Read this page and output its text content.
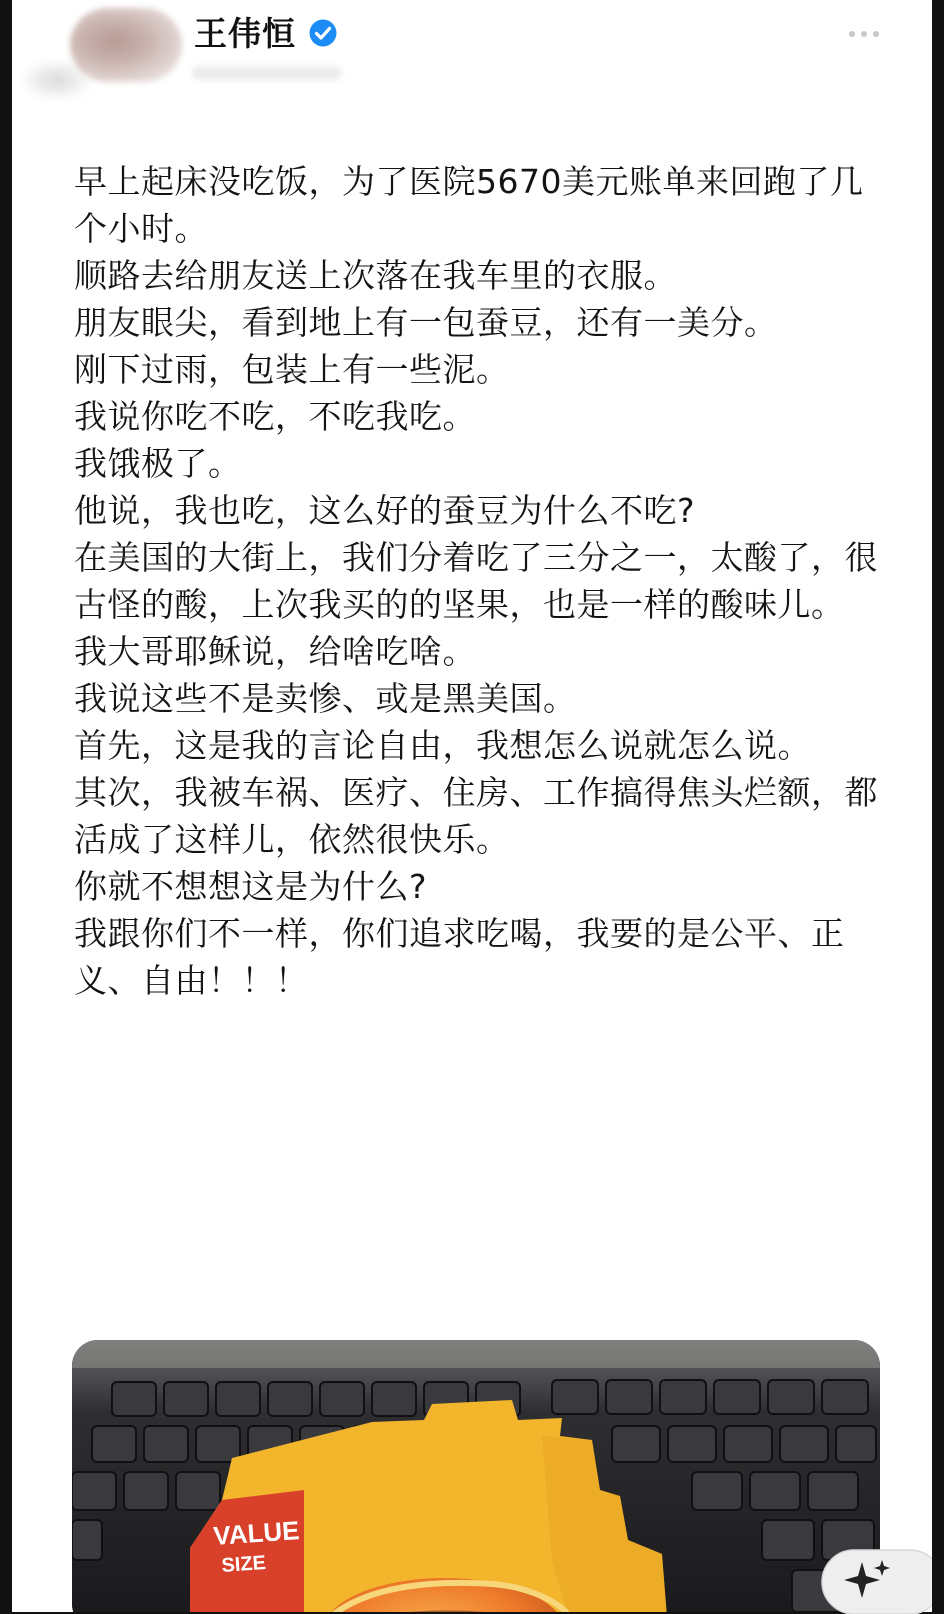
王伟恒

早上起床没吃饭，为了医院5670美元账单来回跑了几个小时。

顺路去给朋友送上次落在我车里的衣服。

朋友眼尖，看到地上有一包蚕豆，还有一美分。

刚下过雨，包装上有一些泥。

我说你吃不吃，不吃我吃。

我饿极了。

他说，我也吃，这么好的蚕豆为什么不吃?

在美国的大街上，我们分着吃了三分之一，太酸了，很古怪的酸，上次我买的的坚果，也是一样的酸味儿。

我大哥耶稣说，给啥吃啥。

我说这些不是卖惨、或是黑美国。

首先，这是我的言论自由，我想怎么说就怎么说。

其次，我被车祸、医疗、住房、工作搞得焦头烂额，都活成了这样儿，依然很快乐。

你就不想想这是为什么?

我跟你们不一样，你们追求吃喝，我要的是公平、正义、自由！！！

VALUE
SIZE
